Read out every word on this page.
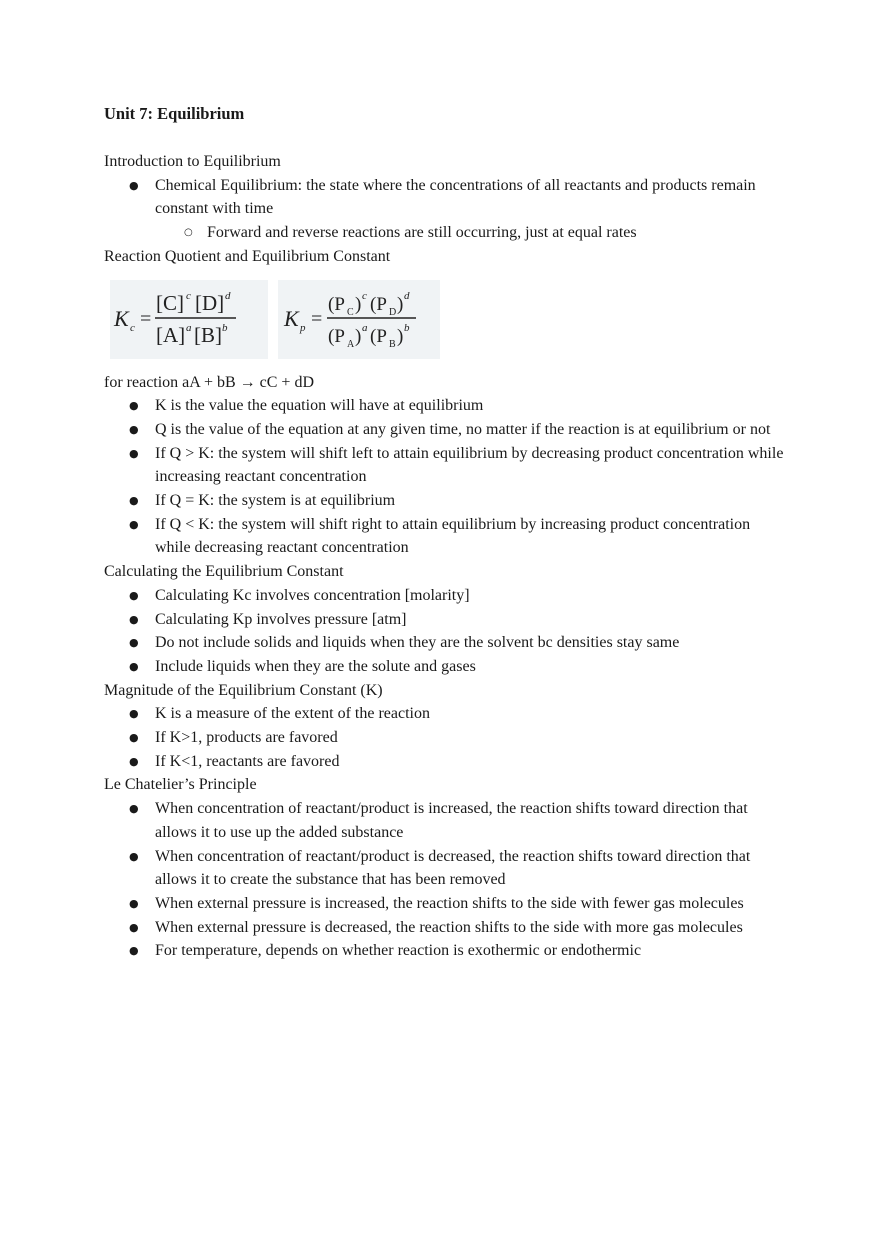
Unit 7: Equilibrium

Introduction to Equilibrium

●	Chemical Equilibrium: the state where the concentrations of all reactants and products remain constant with time
○ Forward and reverse reactions are still occurring, just at equal rates

Reaction Quotient and Equilibrium Constant

K c =
[C] c [D] d
[A] a [B] b	K p =
(P C ) c (P D ) d
(P A ) a (P B ) b

for reaction aA + bB → cC + dD

●	K is the value the equation will have at equilibrium
●	Q is the value of the equation at any given time, no matter if the reaction is at equilibrium or not
●	If Q > K: the system will shift left to attain equilibrium by decreasing product concentration while increasing reactant concentration
●	If Q = K: the system is at equilibrium
●	If Q < K: the system will shift right to attain equilibrium by increasing product concentration while decreasing reactant concentration

Calculating the Equilibrium Constant

●	Calculating Kc involves concentration [molarity]
●	Calculating Kp involves pressure [atm]
●	Do not include solids and liquids when they are the solvent bc densities stay same
●	Include liquids when they are the solute and gases

Magnitude of the Equilibrium Constant (K)

●	K is a measure of the extent of the reaction
●	If K>1, products are favored
●	If K<1, reactants are favored

Le Chatelier’s Principle

●	When concentration of reactant/product is increased, the reaction shifts toward direction that allows it to use up the added substance
●	When concentration of reactant/product is decreased, the reaction shifts toward direction that allows it to create the substance that has been removed
●	When external pressure is increased, the reaction shifts to the side with fewer gas molecules
●	When external pressure is decreased, the reaction shifts to the side with more gas molecules
●	For temperature, depends on whether reaction is exothermic or endothermic
